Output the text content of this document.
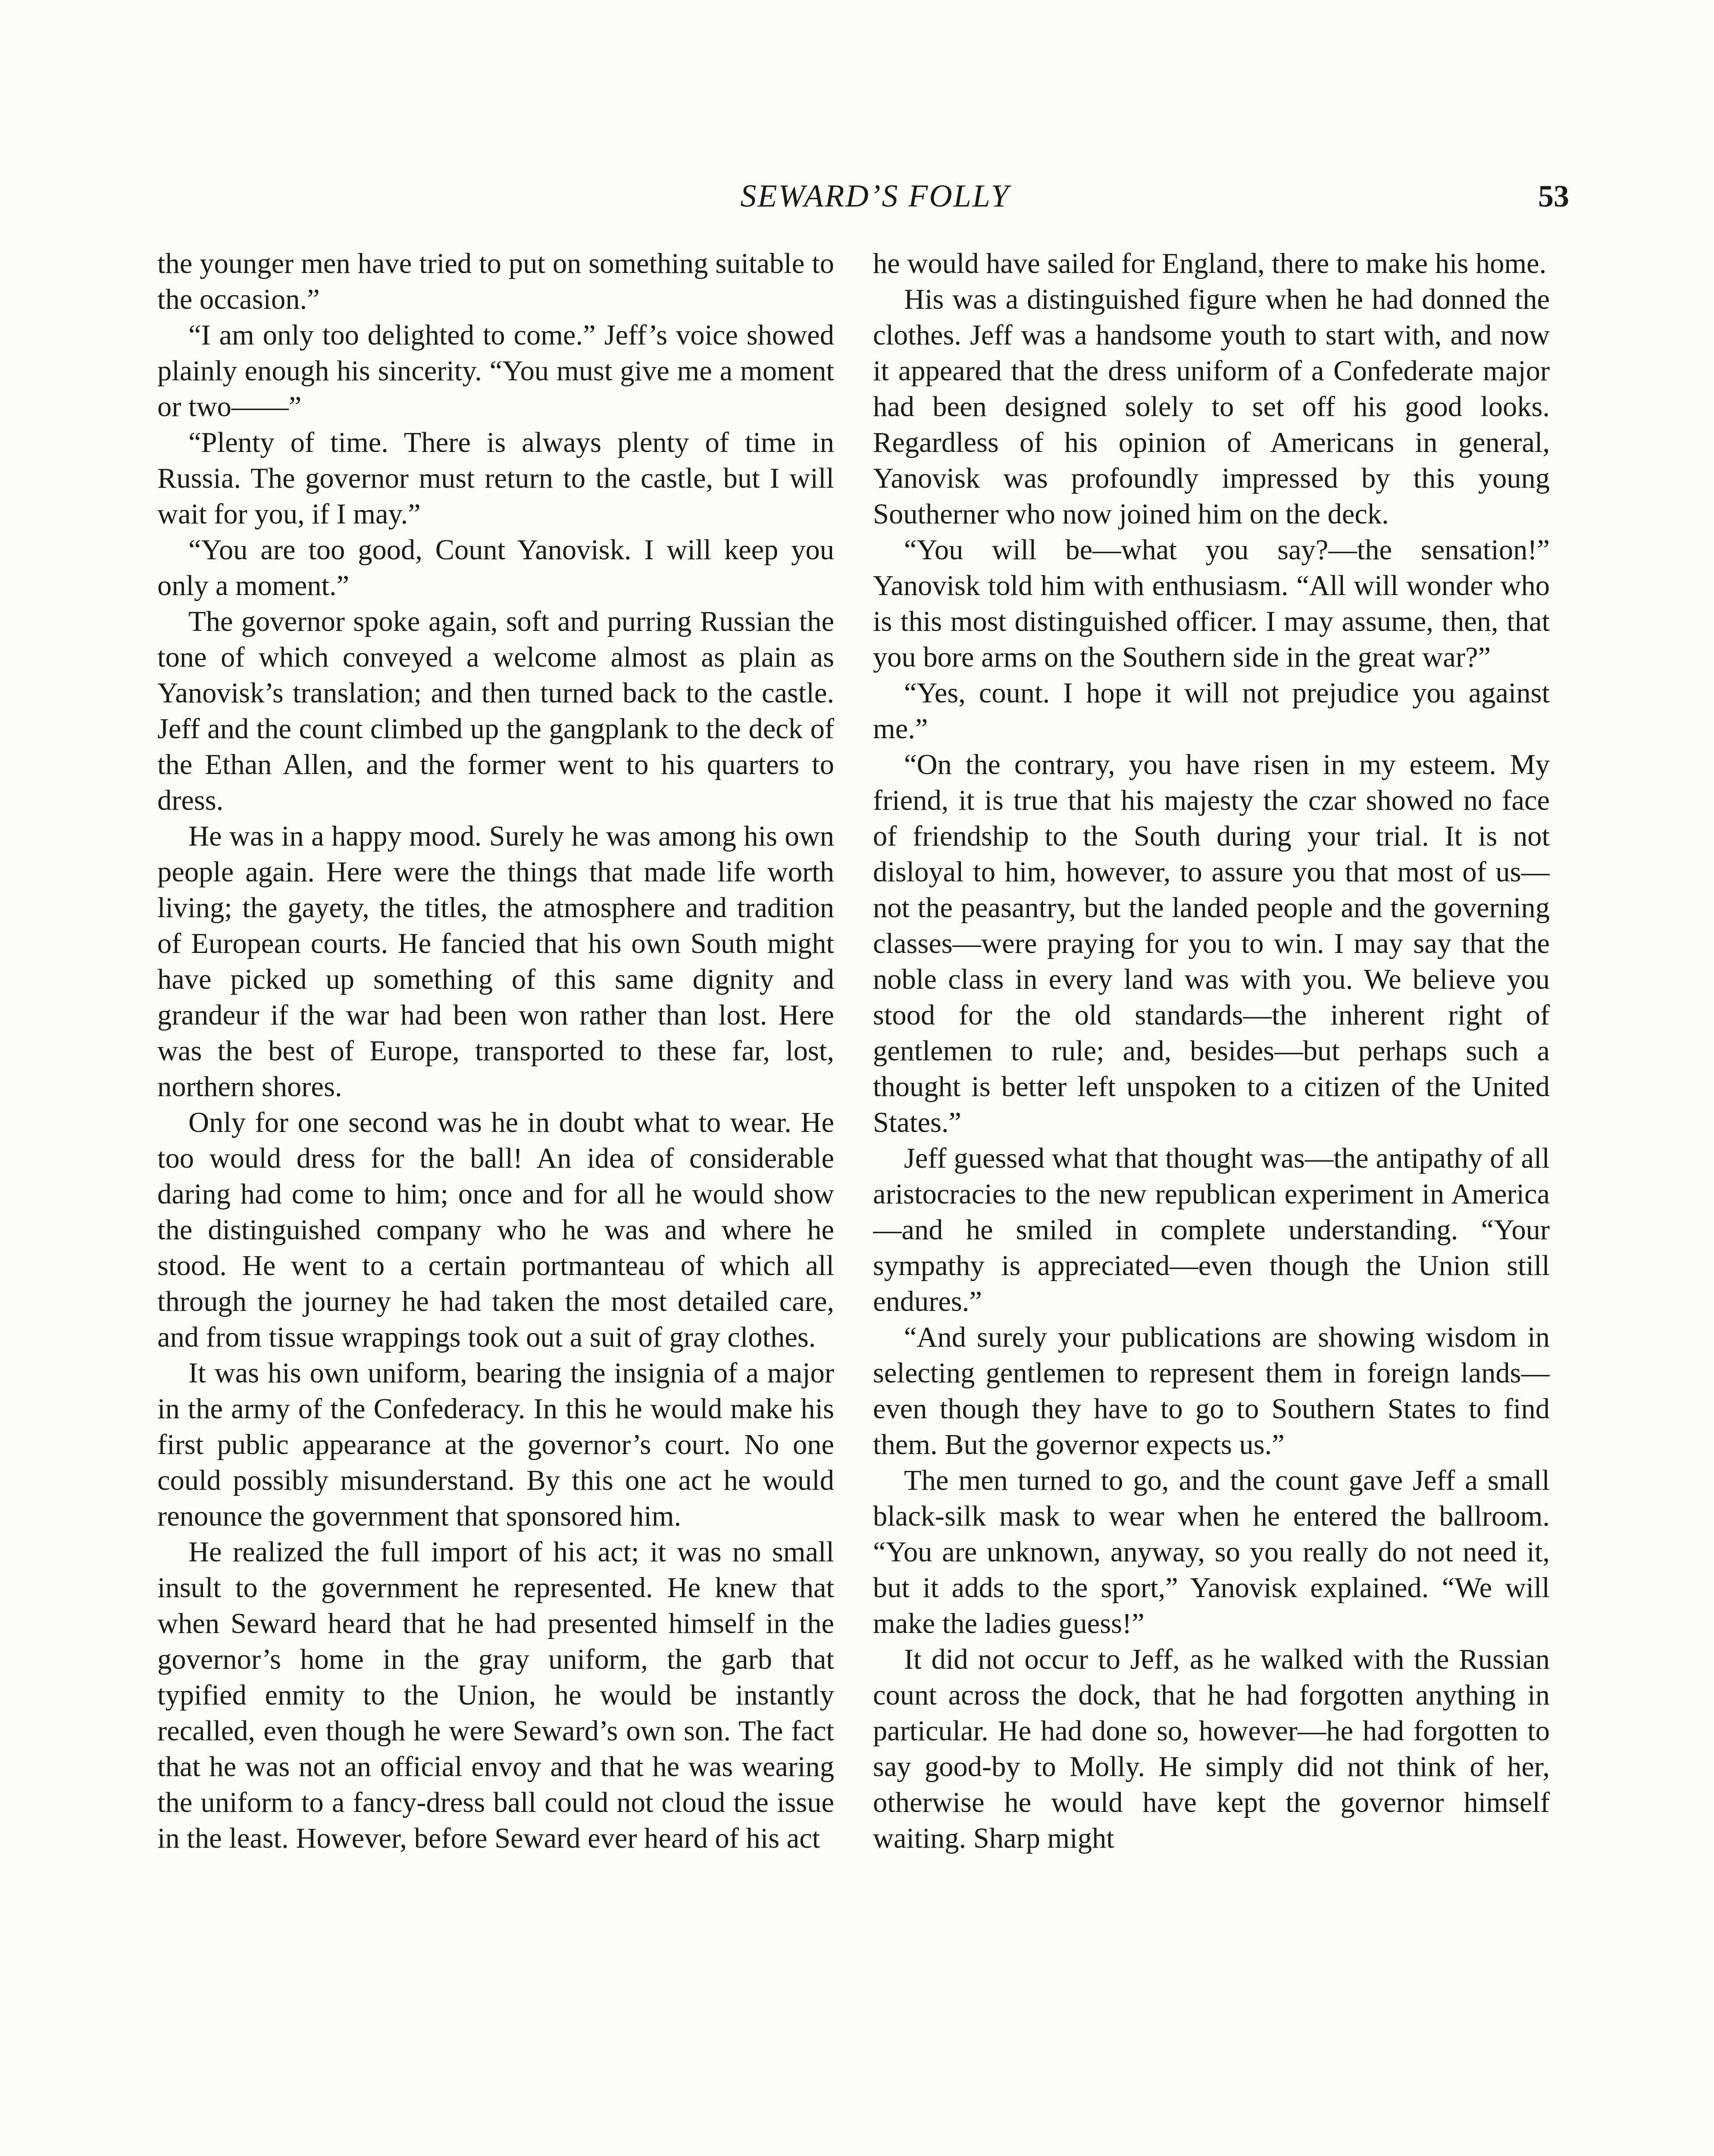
SEWARD’S FOLLY	53

the younger men have tried to put on something suitable to the occasion.”

“I am only too delighted to come.” Jeff’s voice showed plainly enough his sincerity. “You must give me a moment or two——”

“Plenty of time. There is always plenty of time in Russia. The governor must return to the castle, but I will wait for you, if I may.”

“You are too good, Count Yanovisk. I will keep you only a moment.”

The governor spoke again, soft and purring Russian the tone of which conveyed a welcome almost as plain as Yanovisk’s translation; and then turned back to the castle. Jeff and the count climbed up the gangplank to the deck of the Ethan Allen, and the former went to his quarters to dress.

He was in a happy mood. Surely he was among his own people again. Here were the things that made life worth living; the gayety, the titles, the atmosphere and tradition of European courts. He fancied that his own South might have picked up something of this same dignity and grandeur if the war had been won rather than lost. Here was the best of Europe, transported to these far, lost, northern shores.

Only for one second was he in doubt what to wear. He too would dress for the ball! An idea of considerable daring had come to him; once and for all he would show the distinguished company who he was and where he stood. He went to a certain portmanteau of which all through the journey he had taken the most detailed care, and from tissue wrappings took out a suit of gray clothes.

It was his own uniform, bearing the insignia of a major in the army of the Confederacy. In this he would make his first public appearance at the governor’s court. No one could possibly misunderstand. By this one act he would renounce the government that sponsored him.

He realized the full import of his act; it was no small insult to the government he represented. He knew that when Seward heard that he had presented himself in the governor’s home in the gray uniform, the garb that typified enmity to the Union, he would be instantly recalled, even though he were Seward’s own son. The fact that he was not an official envoy and that he was wearing the uniform to a fancy-dress ball could not cloud the issue in the least. However, before Seward ever heard of his act

he would have sailed for England, there to make his home.

His was a distinguished figure when he had donned the clothes. Jeff was a handsome youth to start with, and now it appeared that the dress uniform of a Confederate major had been designed solely to set off his good looks. Regardless of his opinion of Americans in general, Yanovisk was profoundly impressed by this young Southerner who now joined him on the deck.

“You will be—what you say?—the sensation!” Yanovisk told him with enthusiasm. “All will wonder who is this most distinguished officer. I may assume, then, that you bore arms on the Southern side in the great war?”

“Yes, count. I hope it will not prejudice you against me.”

“On the contrary, you have risen in my esteem. My friend, it is true that his majesty the czar showed no face of friendship to the South during your trial. It is not disloyal to him, however, to assure you that most of us—not the peasantry, but the landed people and the governing classes—were praying for you to win. I may say that the noble class in every land was with you. We believe you stood for the old standards—the inherent right of gentlemen to rule; and, besides—but perhaps such a thought is better left unspoken to a citizen of the United States.”

Jeff guessed what that thought was—the antipathy of all aristocracies to the new republican experiment in America—and he smiled in complete understanding. “Your sympathy is appreciated—even though the Union still endures.”

“And surely your publications are showing wisdom in selecting gentlemen to represent them in foreign lands—even though they have to go to Southern States to find them. But the governor expects us.”

The men turned to go, and the count gave Jeff a small black-silk mask to wear when he entered the ballroom. “You are unknown, anyway, so you really do not need it, but it adds to the sport,” Yanovisk explained. “We will make the ladies guess!”

It did not occur to Jeff, as he walked with the Russian count across the dock, that he had forgotten anything in particular. He had done so, however—he had forgotten to say good-by to Molly. He simply did not think of her, otherwise he would have kept the governor himself waiting. Sharp might
